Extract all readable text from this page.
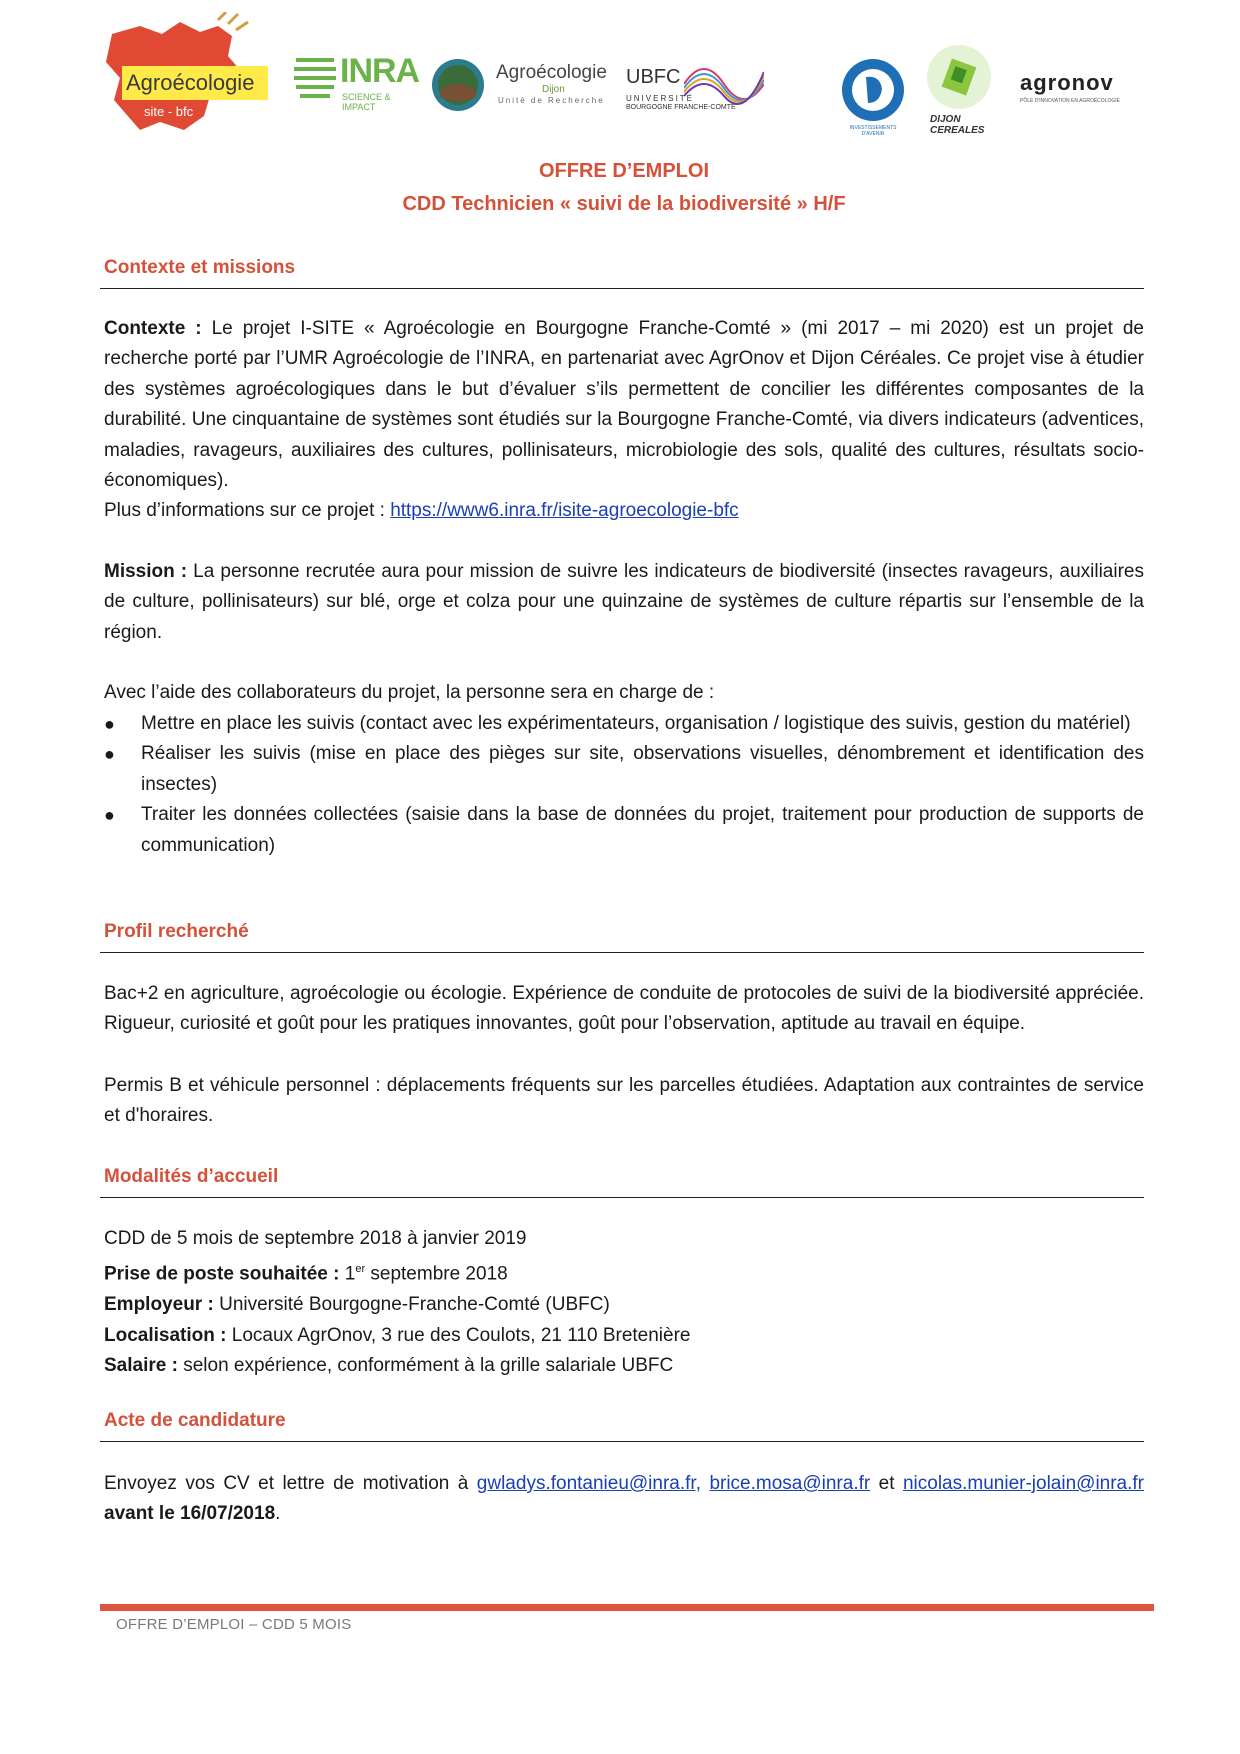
Agroécologie
site - bfc
INRA
SCIENCE & IMPACT
Agroécologie
Dijon
Unité de Recherche
UBFC
UNIVERSITÉ
BOURGOGNE FRANCHE-COMTÉ
INVESTISSEMENTS D'AVENIR
DIJON CEREALES
agronov
PÔLE D'INNOVATION EN AGROÉCOLOGIE
OFFRE D’EMPLOI
CDD Technicien « suivi de la biodiversité » H/F
Contexte et missions
Contexte : Le projet I-SITE « Agroécologie en Bourgogne Franche-Comté » (mi 2017 – mi 2020) est un projet de recherche porté par l’UMR Agroécologie de l’INRA, en partenariat avec AgrOnov et Dijon Céréales. Ce projet vise à étudier des systèmes agroécologiques dans le but d’évaluer s’ils permettent de concilier les différentes composantes de la durabilité. Une cinquantaine de systèmes sont étudiés sur la Bourgogne Franche-Comté, via divers indicateurs (adventices, maladies, ravageurs, auxiliaires des cultures, pollinisateurs, microbiologie des sols, qualité des cultures, résultats socio-économiques).
Plus d’informations sur ce projet : https://www6.inra.fr/isite-agroecologie-bfc
Mission : La personne recrutée aura pour mission de suivre les indicateurs de biodiversité (insectes ravageurs, auxiliaires de culture, pollinisateurs) sur blé, orge et colza pour une quinzaine de systèmes de culture répartis sur l’ensemble de la région.
Avec l’aide des collaborateurs du projet, la personne sera en charge de :
● Mettre en place les suivis (contact avec les expérimentateurs, organisation / logistique des suivis, gestion du matériel)
● Réaliser les suivis (mise en place des pièges sur site, observations visuelles, dénombrement et identification des insectes)
● Traiter les données collectées (saisie dans la base de données du projet, traitement pour production de supports de communication)
Profil recherché
Bac+2 en agriculture, agroécologie ou écologie. Expérience de conduite de protocoles de suivi de la biodiversité appréciée. Rigueur, curiosité et goût pour les pratiques innovantes, goût pour l’observation, aptitude au travail en équipe.
Permis B et véhicule personnel : déplacements fréquents sur les parcelles étudiées. Adaptation aux contraintes de service et d'horaires.
Modalités d’accueil
CDD de 5 mois de septembre 2018 à janvier 2019
Prise de poste souhaitée : 1er septembre 2018
Employeur : Université Bourgogne-Franche-Comté (UBFC)
Localisation : Locaux AgrOnov, 3 rue des Coulots, 21 110 Bretenière
Salaire : selon expérience, conformément à la grille salariale UBFC
Acte de candidature
Envoyez vos CV et lettre de motivation à gwladys.fontanieu@inra.fr, brice.mosa@inra.fr et nicolas.munier-jolain@inra.fr avant le 16/07/2018.
OFFRE D’EMPLOI – CDD 5 MOIS
